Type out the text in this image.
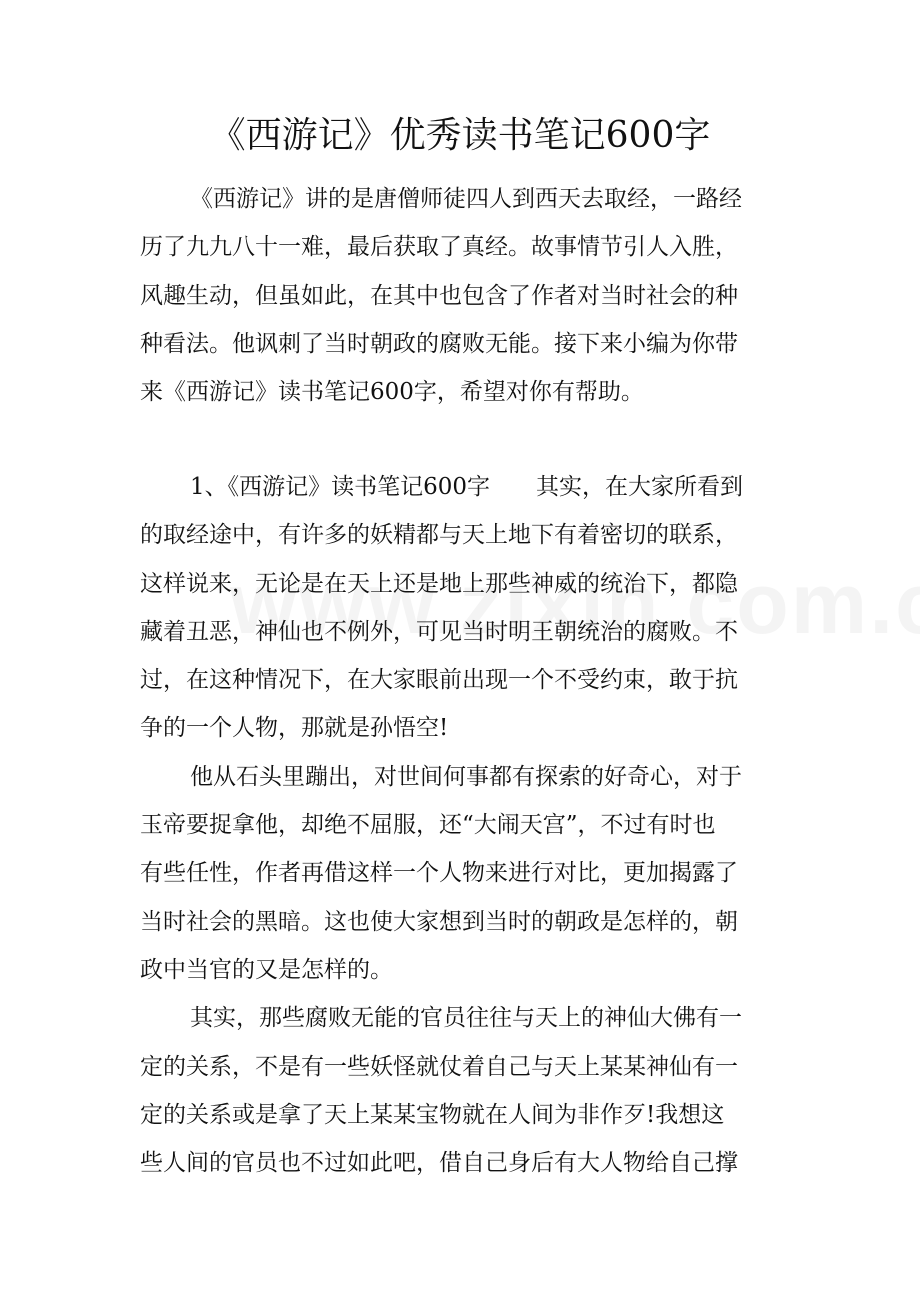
《西游记》优秀读书笔记600字
《西游记》讲的是唐僧师徒四人到西天去取经，一路经
历了九九八十一难，最后获取了真经。故事情节引人入胜，
风趣生动，但虽如此，在其中也包含了作者对当时社会的种
种看法。他讽刺了当时朝政的腐败无能。接下来小编为你带
来《西游记》读书笔记600字，希望对你有帮助。
1、《西游记》读书笔记600字　　其实，在大家所看到
的取经途中，有许多的妖精都与天上地下有着密切的联系，
这样说来，无论是在天上还是地上那些神威的统治下，都隐
藏着丑恶，神仙也不例外，可见当时明王朝统治的腐败。不
过，在这种情况下，在大家眼前出现一个不受约束，敢于抗
争的一个人物，那就是孙悟空!
他从石头里蹦出，对世间何事都有探索的好奇心，对于
玉帝要捉拿他，却绝不屈服，还“大闹天宫”，不过有时也
有些任性，作者再借这样一个人物来进行对比，更加揭露了
当时社会的黑暗。这也使大家想到当时的朝政是怎样的，朝
政中当官的又是怎样的。
其实，那些腐败无能的官员往往与天上的神仙大佛有一
定的关系，不是有一些妖怪就仗着自己与天上某某神仙有一
定的关系或是拿了天上某某宝物就在人间为非作歹!我想这
些人间的官员也不过如此吧，借自己身后有大人物给自己撑
